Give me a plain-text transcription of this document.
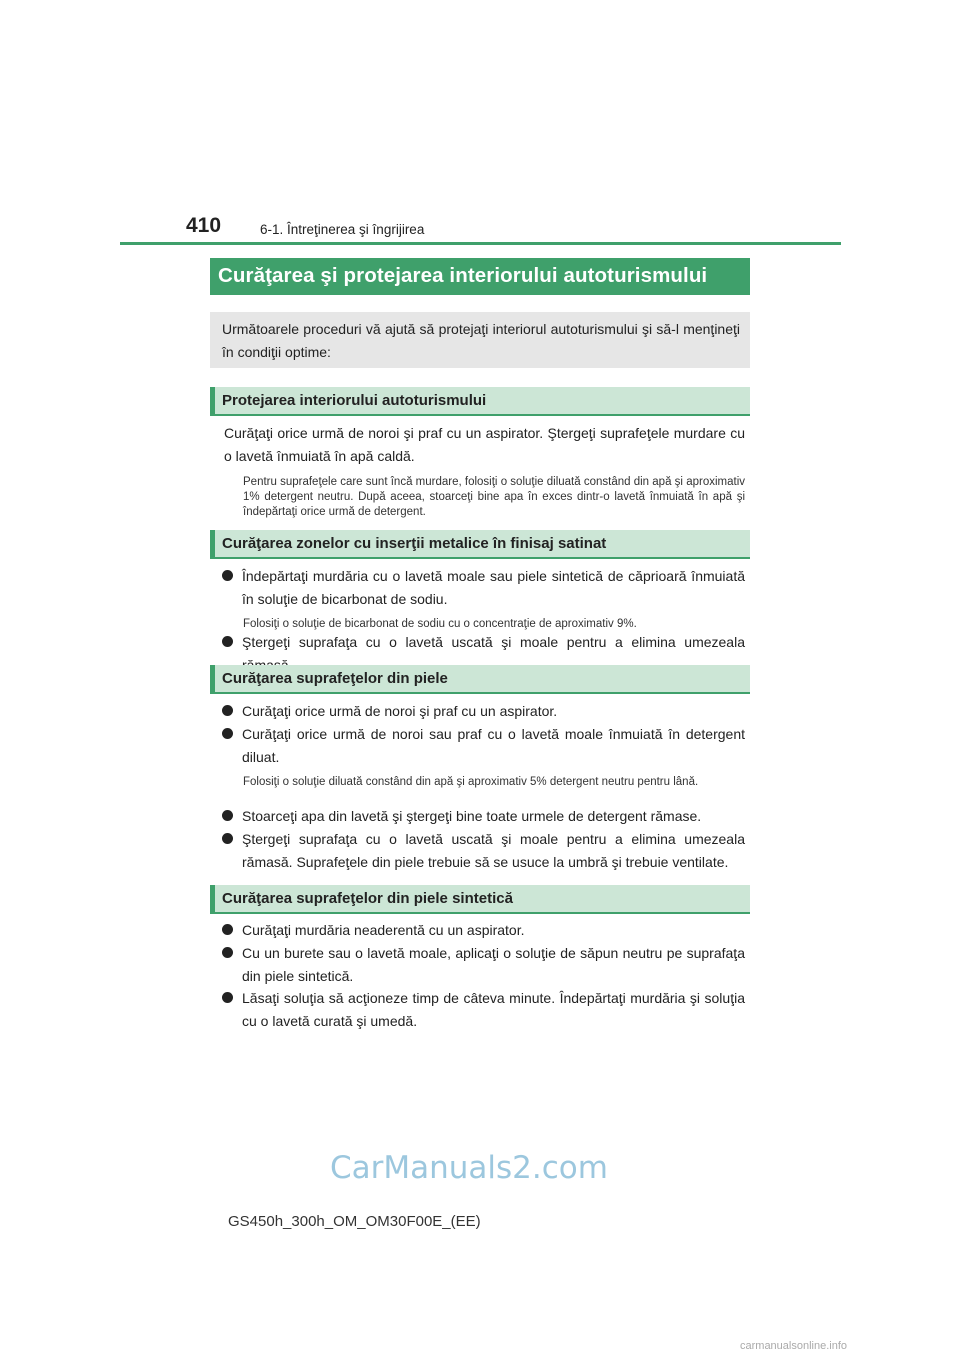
410	6-1. Întreţinerea şi îngrijirea
Curăţarea şi protejarea interiorului autoturismului
Următoarele proceduri vă ajută să protejaţi interiorul autoturismului şi să-l menţineţi în condiţii optime:
Protejarea interiorului autoturismului
Curăţaţi orice urmă de noroi şi praf cu un aspirator. Ştergeţi suprafeţele murdare cu o lavetă înmuiată în apă caldă.
Pentru suprafeţele care sunt încă murdare, folosiţi o soluţie diluată constând din apă şi aproximativ 1% detergent neutru. După aceea, stoarceţi bine apa în exces dintr-o lavetă înmuiată în apă şi îndepărtaţi orice urmă de detergent.
Curăţarea zonelor cu inserţii metalice în finisaj satinat
Îndepărtaţi murdăria cu o lavetă moale sau piele sintetică de căprioară înmuiată în soluţie de bicarbonat de sodiu.
Folosiţi o soluţie de bicarbonat de sodiu cu o concentraţie de aproximativ 9%.
Ştergeţi suprafaţa cu o lavetă uscată şi moale pentru a elimina umezeala
Curăţarea suprafeţelor din piele
Curăţaţi orice urmă de noroi şi praf cu un aspirator.
Curăţaţi orice urmă de noroi sau praf cu o lavetă moale înmuiată în detergent diluat.
Folosiţi o soluţie diluată constând din apă şi aproximativ 5% detergent neutru pentru lână.
Stoarceţi apa din lavetă şi ştergeţi bine toate urmele de detergent rămase.
Ştergeţi suprafaţa cu o lavetă uscată şi moale pentru a elimina umezeala rămasă. Suprafeţele din piele trebuie să se usuce la umbră şi trebuie ventilate.
Curăţarea suprafeţelor din piele sintetică
Curăţaţi murdăria neaderentă cu un aspirator.
Cu un burete sau o lavetă moale, aplicaţi o soluţie de săpun neutru pe suprafaţa din piele sintetică.
Lăsaţi soluţia să acţioneze timp de câteva minute. Îndepărtaţi murdăria şi soluţia cu o lavetă curată şi umedă.
CarManuals2.com
GS450h_300h_OM_OM30F00E_(EE)
carmanualsonline.info
